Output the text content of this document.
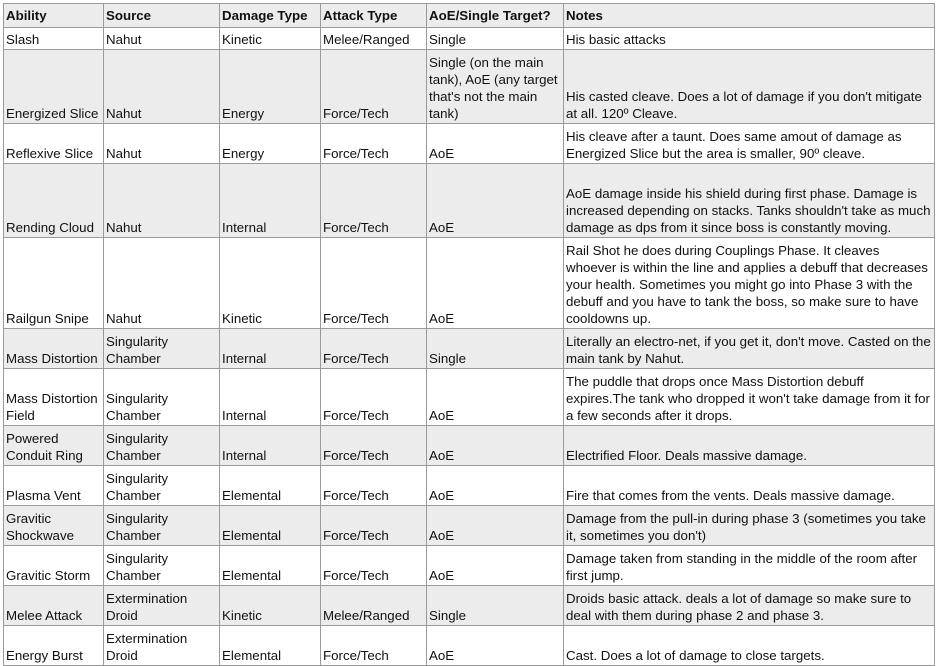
Ability	Source	Damage Type	Attack Type	AoE/Single Target?	Notes
Slash	Nahut	Kinetic	Melee/Ranged	Single	His basic attacks
Energized Slice	Nahut	Energy	Force/Tech	Single (on the main tank), AoE (any target that's not the main tank)	His casted cleave. Does a lot of damage if you don't mitigate at all. 120º Cleave.
Reflexive Slice	Nahut	Energy	Force/Tech	AoE	His cleave after a taunt. Does same amout of damage as Energized Slice but the area is smaller, 90º cleave.
Rending Cloud	Nahut	Internal	Force/Tech	AoE	AoE damage inside his shield during first phase. Damage is increased depending on stacks. Tanks shouldn't take as much damage as dps from it since boss is constantly moving.
Railgun Snipe	Nahut	Kinetic	Force/Tech	AoE	Rail Shot he does during Couplings Phase. It cleaves whoever is within the line and applies a debuff that decreases your health. Sometimes you might go into Phase 3 with the debuff and you have to tank the boss, so make sure to have cooldowns up.
Mass Distortion	Singularity Chamber	Internal	Force/Tech	Single	Literally an electro-net, if you get it, don't move. Casted on the main tank by Nahut.
Mass Distortion Field	Singularity Chamber	Internal	Force/Tech	AoE	The puddle that drops once Mass Distortion debuff expires.The tank who dropped it won't take damage from it for a few seconds after it drops.
Powered Conduit Ring	Singularity Chamber	Internal	Force/Tech	AoE	Electrified Floor. Deals massive damage.
Plasma Vent	Singularity Chamber	Elemental	Force/Tech	AoE	Fire that comes from the vents. Deals massive damage.
Gravitic Shockwave	Singularity Chamber	Elemental	Force/Tech	AoE	Damage from the pull-in during phase 3 (sometimes you take it, sometimes you don't)
Gravitic Storm	Singularity Chamber	Elemental	Force/Tech	AoE	Damage taken from standing in the middle of the room after first jump.
Melee Attack	Extermination Droid	Kinetic	Melee/Ranged	Single	Droids basic attack. deals a lot of damage so make sure to deal with them during phase 2 and phase 3.
Energy Burst	Extermination Droid	Elemental	Force/Tech	AoE	Cast. Does a lot of damage to close targets.
